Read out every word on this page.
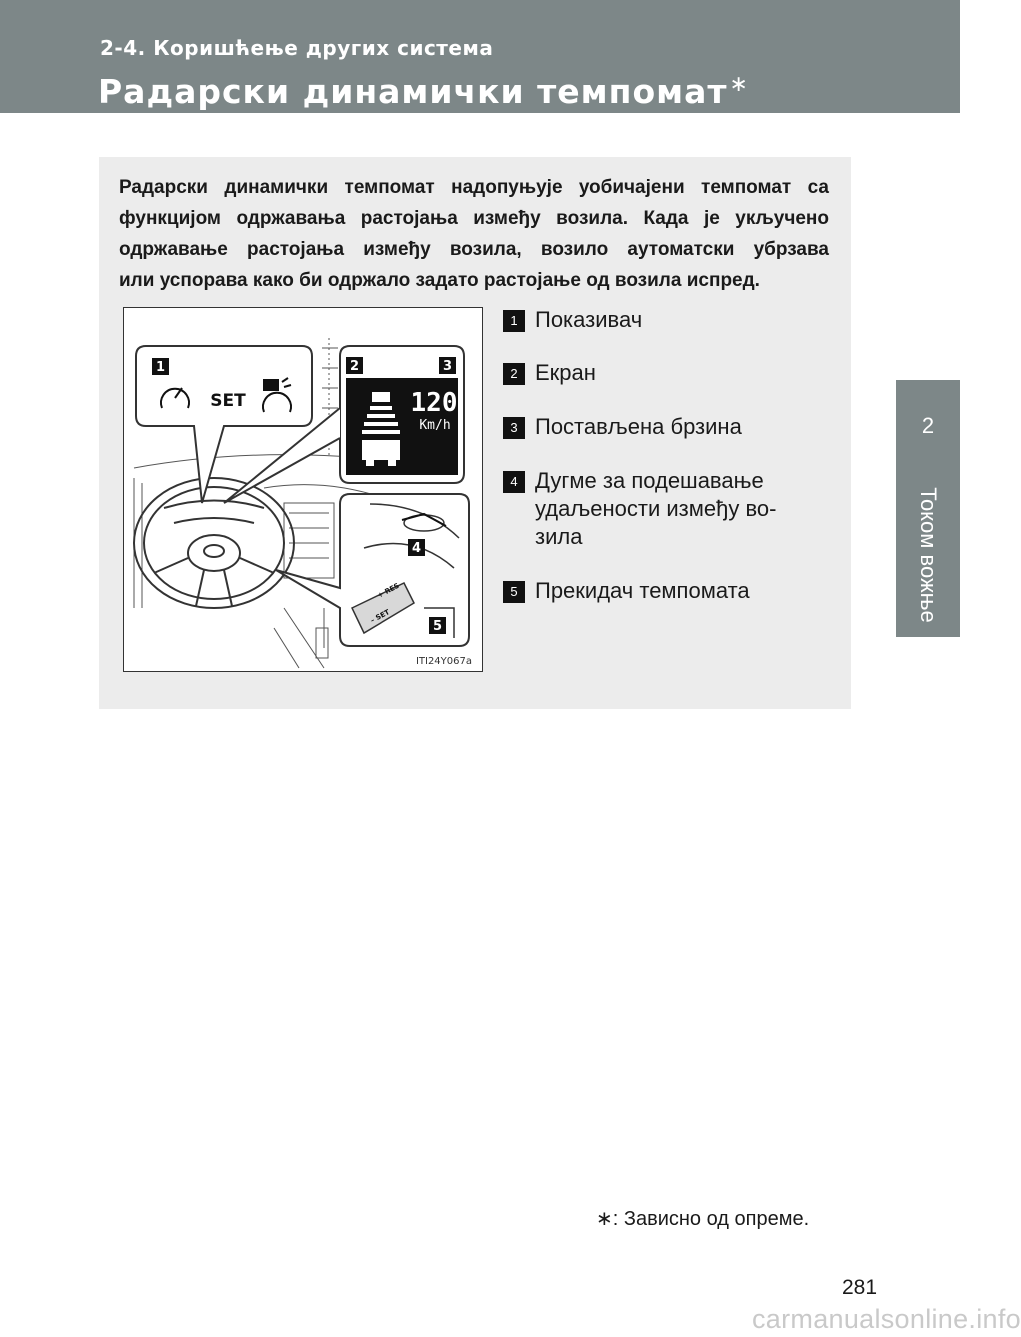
2-4. Коришћење других система
Радарски динамички темпомат∗
2
Током вожње

Радарски динамички темпомат надопуњује уобичајени темпомат са

функцијом одржавања растојања између возила. Када је укључено

одржавање растојања између возила, возило аутоматски убрзава

или успорава како би одржало задато растојање од возила испред.

1
SET
2	3
120
Km/h
+ RES
– SET
4
5
ITI24Y067a
1 Показивач
2 Екран
3 Постављена брзина
4 Дугме за подешавање
удаљености између во-
зила
5 Прекидач темпомата
∗: Зависно од опреме.
281
carmanualsonline.info
